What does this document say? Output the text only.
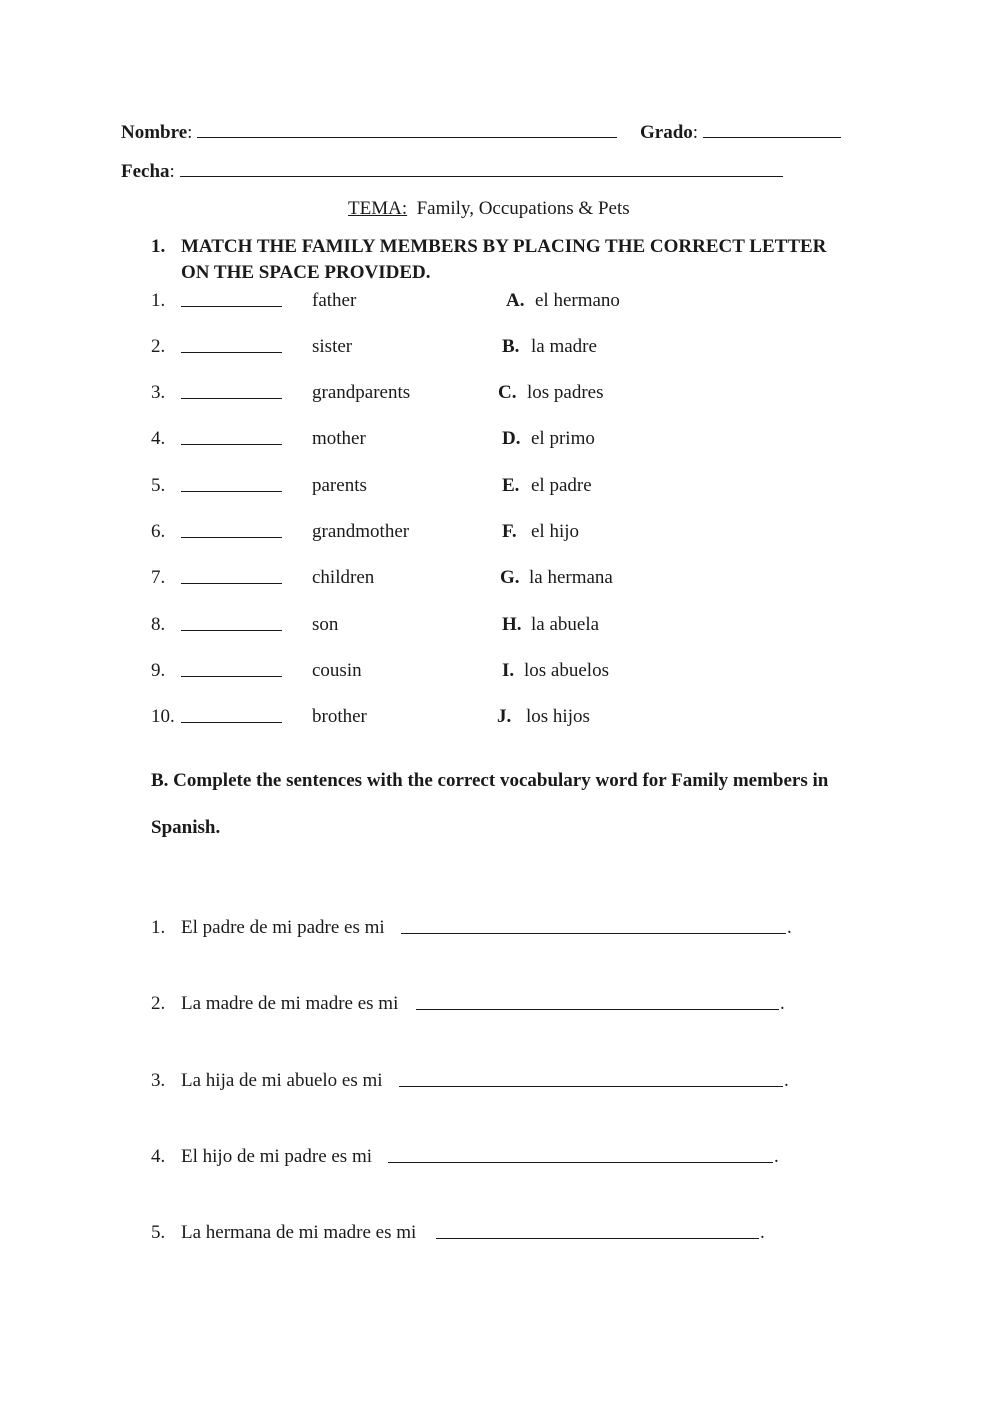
Nombre:	Grado:
Fecha:
TEMA: Family, Occupations & Pets
1. MATCH THE FAMILY MEMBERS BY PLACING THE CORRECT LETTER
ON THE SPACE PROVIDED.
1.	father	A. el hermano
2.	sister	B. la madre
3.	grandparents	C. los padres
4.	mother	D. el primo
5.	parents	E. el padre
6.	grandmother	F. el hijo
7.	children	G. la hermana
8.	son	H. la abuela
9.	cousin	I. los abuelos
10.	brother	J. los hijos
B. Complete the sentences with the correct vocabulary word for Family members in
Spanish.
1. El padre de mi padre es mi	.
2. La madre de mi madre es mi	.
3. La hija de mi abuelo es mi	.
4. El hijo de mi padre es mi	.
5. La hermana de mi madre es mi	.
